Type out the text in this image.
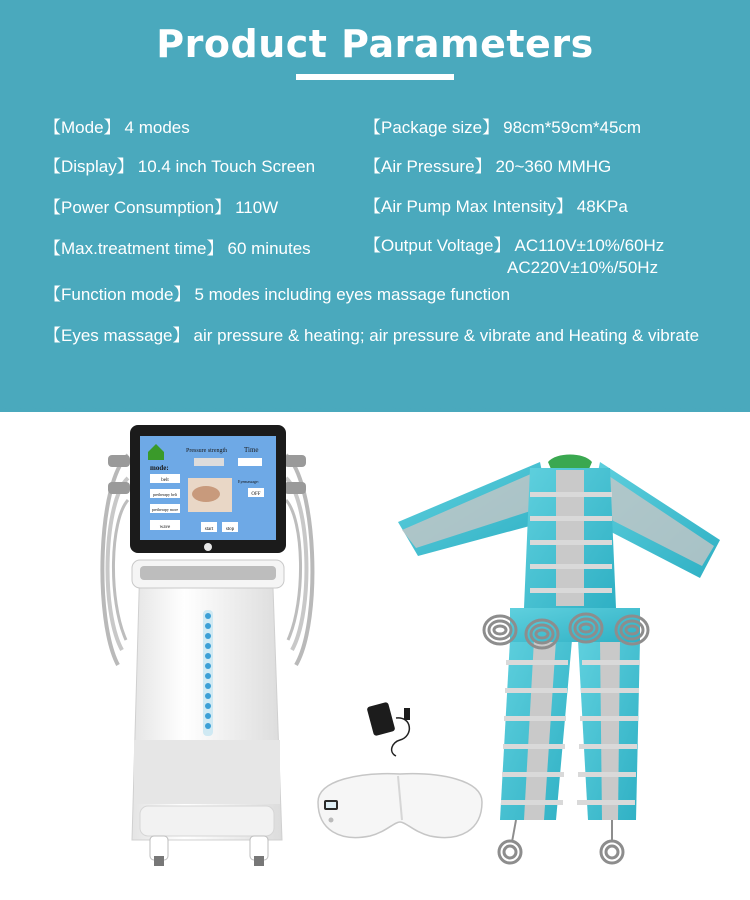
Product Parameters
【Mode】 4 modes	【Package size】 98cm*59cm*45cm
【Display】 10.4 inch Touch Screen	【Air Pressure】 20~360 MMHG
【Power Consumption】 110W	【Air Pump Max Intensity】 48KPa
【Max.treatment time】 60 minutes	【Output Voltage】 AC110V±10%/60Hz
AC220V±10%/50Hz
【Function mode】 5 modes including eyes massage function
【Eyes massage】 air pressure & heating; air pressure & vibrate and Heating & vibrate
Pressure strength Time
mode:
belt
pretherapy belt
pretherapy more
wave
Eyemassage:
OFF
start	stop
